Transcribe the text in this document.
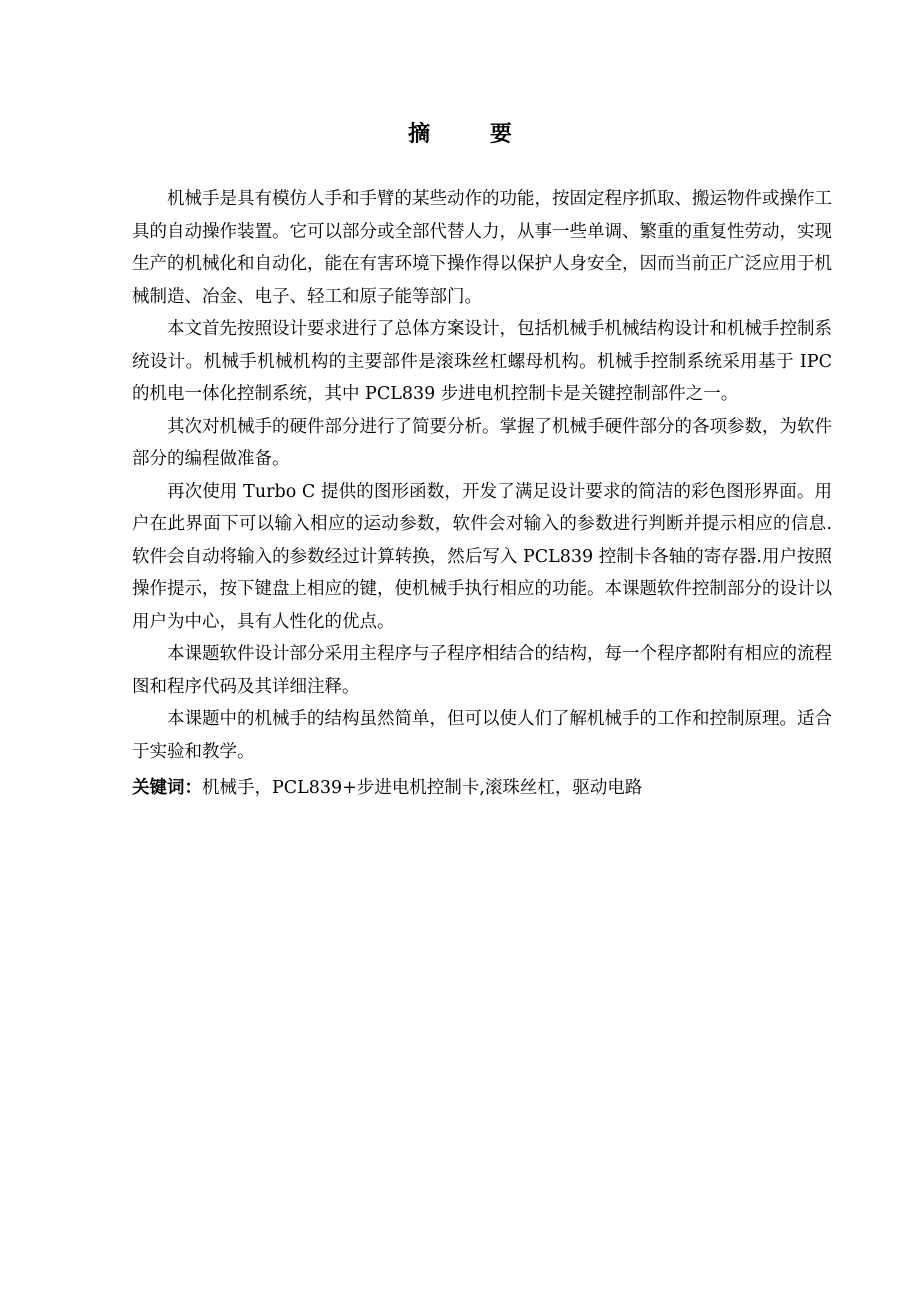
摘 要

机械手是具有模仿人手和手臂的某些动作的功能，按固定程序抓取、搬运物件或操作工具的自动操作装置。它可以部分或全部代替人力，从事一些单调、繁重的重复性劳动，实现生产的机械化和自动化，能在有害环境下操作得以保护人身安全，因而当前正广泛应用于机械制造、冶金、电子、轻工和原子能等部门。

本文首先按照设计要求进行了总体方案设计，包括机械手机械结构设计和机械手控制系统设计。机械手机械机构的主要部件是滚珠丝杠螺母机构。机械手控制系统采用基于 IPC 的机电一体化控制系统，其中 PCL839 步进电机控制卡是关键控制部件之一。

其次对机械手的硬件部分进行了简要分析。掌握了机械手硬件部分的各项参数，为软件部分的编程做准备。

再次使用 Turbo C 提供的图形函数，开发了满足设计要求的简洁的彩色图形界面。用户在此界面下可以输入相应的运动参数，软件会对输入的参数进行判断并提示相应的信息.软件会自动将输入的参数经过计算转换，然后写入 PCL839 控制卡各轴的寄存器.用户按照操作提示，按下键盘上相应的键，使机械手执行相应的功能。本课题软件控制部分的设计以用户为中心，具有人性化的优点。

本课题软件设计部分采用主程序与子程序相结合的结构，每一个程序都附有相应的流程图和程序代码及其详细注释。

本课题中的机械手的结构虽然简单，但可以使人们了解机械手的工作和控制原理。适合于实验和教学。

关键词：机械手，PCL839+步进电机控制卡,滚珠丝杠，驱动电路
